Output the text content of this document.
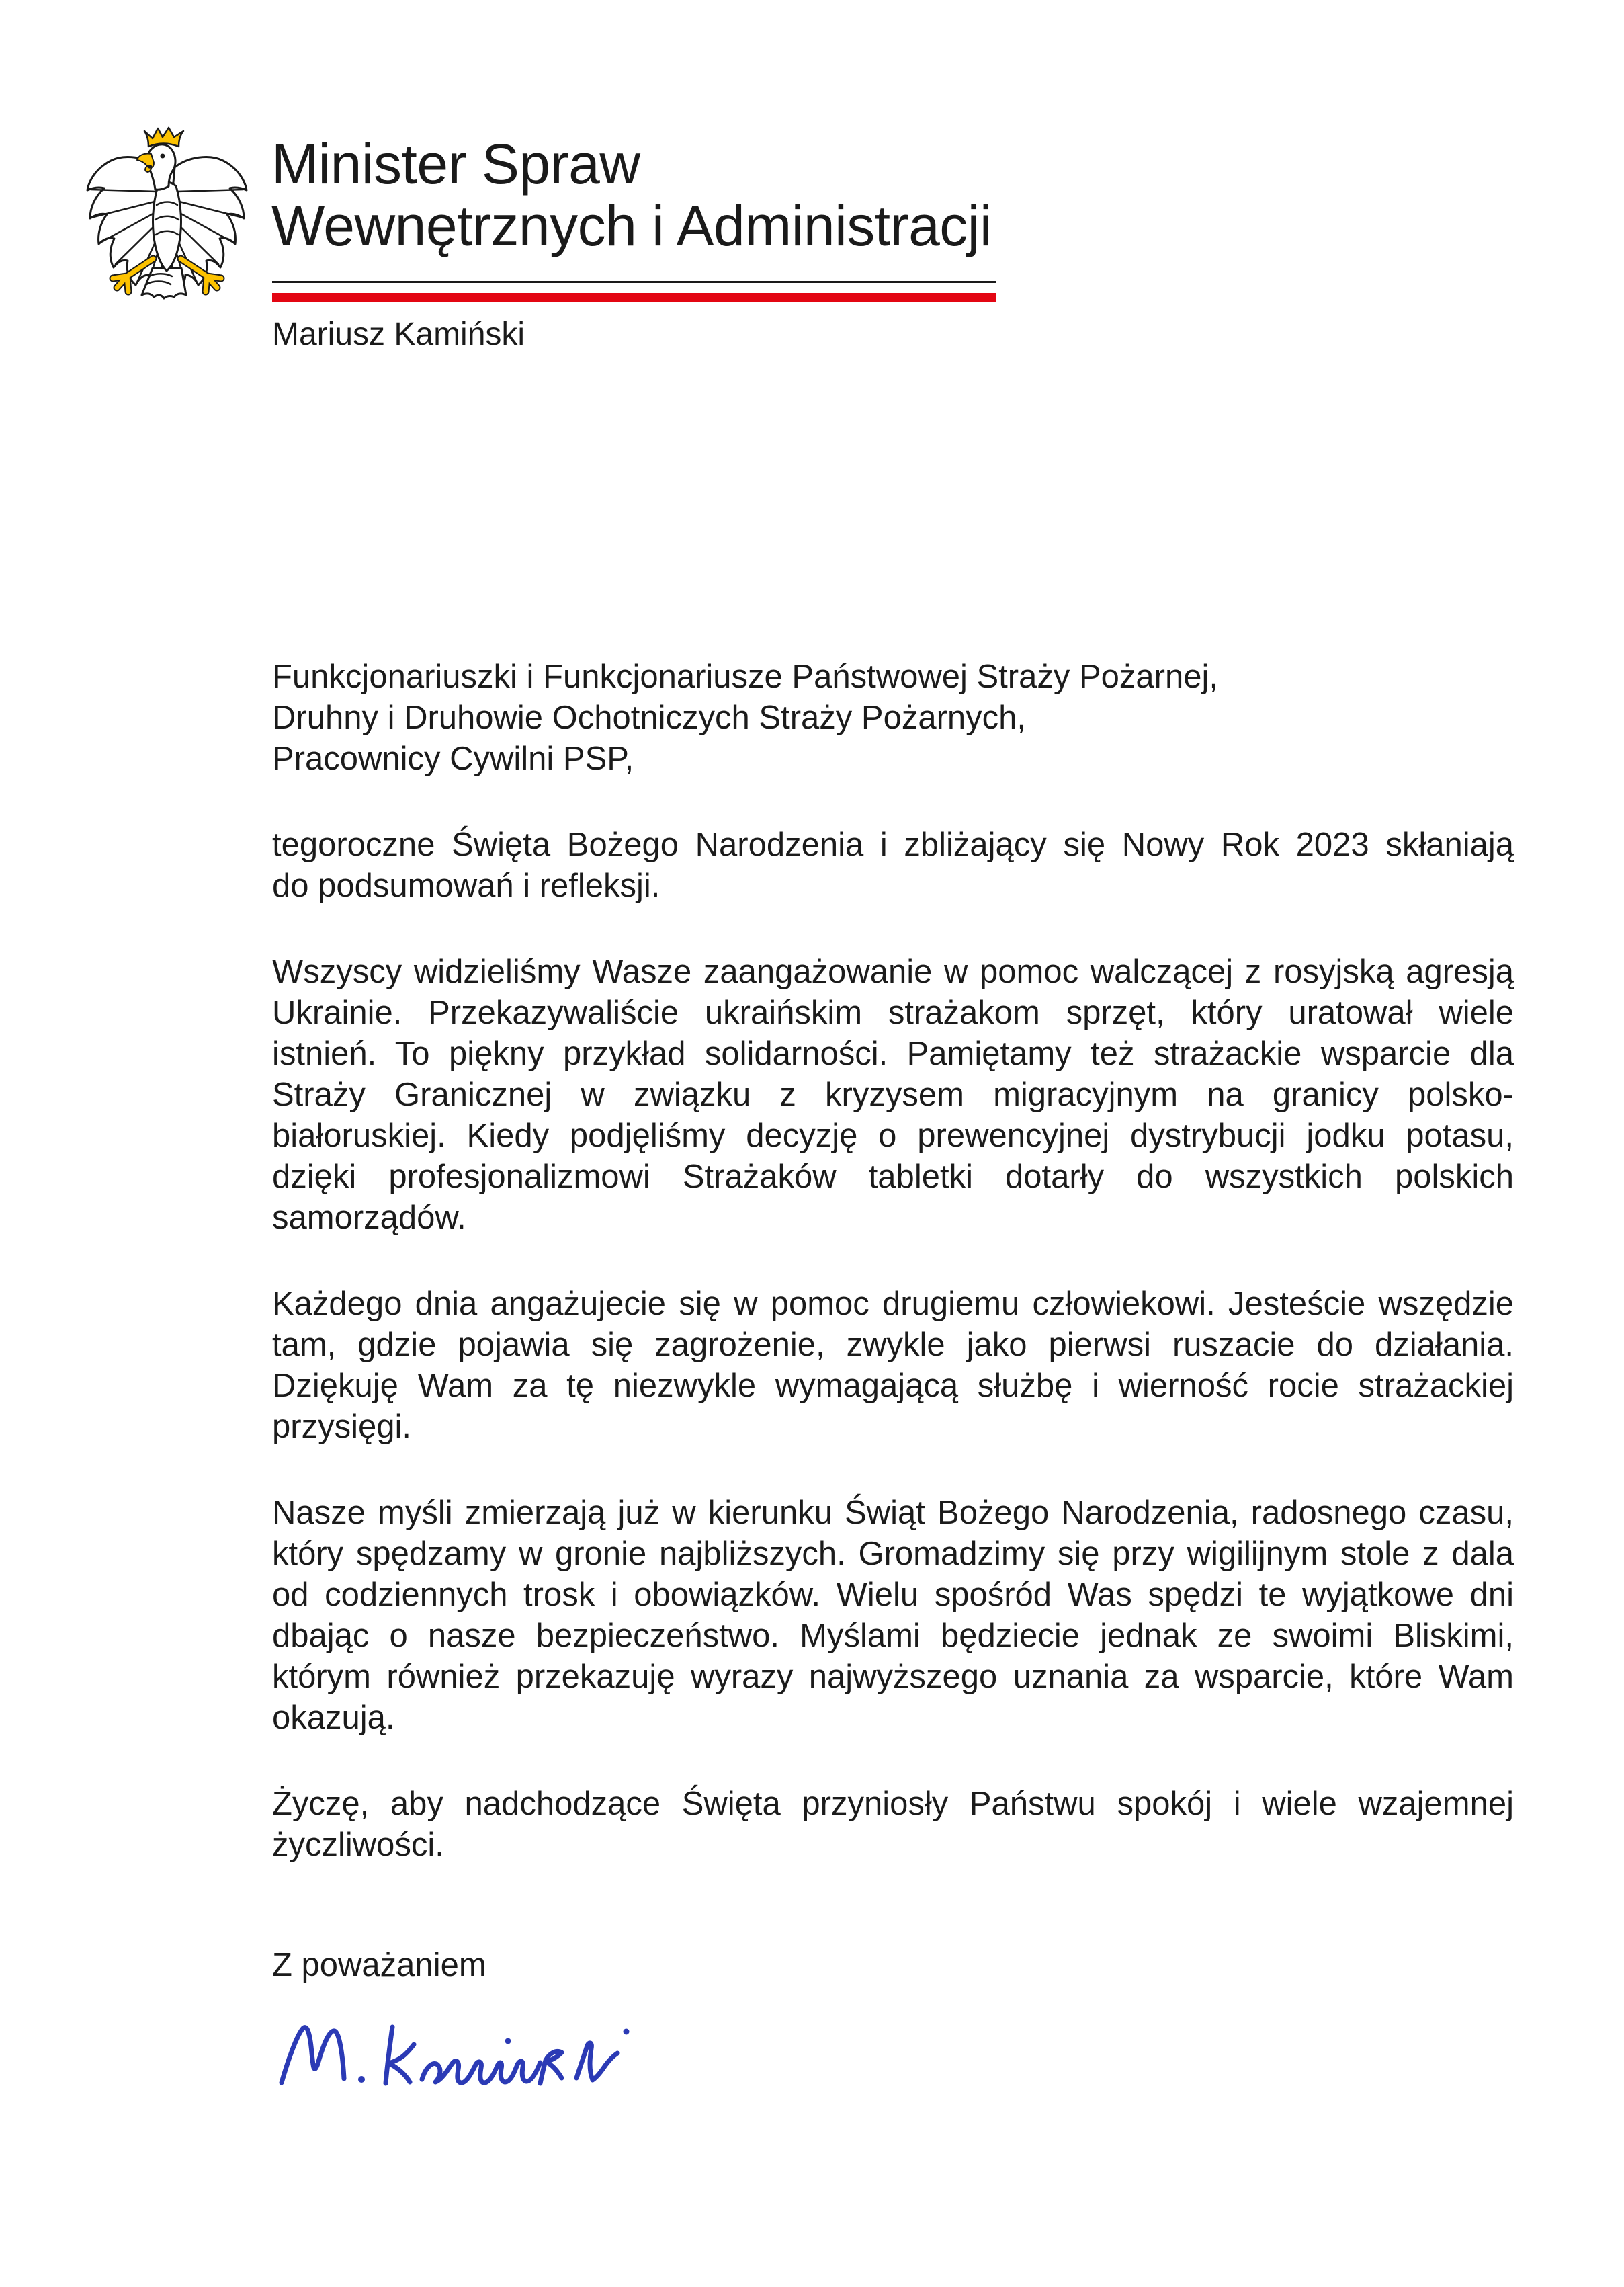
Minister Spraw
Wewnętrznych i Administracji
Mariusz Kamiński
Funkcjonariuszki i Funkcjonariusze Państwowej Straży Pożarnej,
Druhny i Druhowie Ochotniczych Straży Pożarnych,
Pracownicy Cywilni PSP,
tegoroczne Święta Bożego Narodzenia i zbliżający się Nowy Rok 2023 skłaniają
do podsumowań i refleksji.
Wszyscy widzieliśmy Wasze zaangażowanie w pomoc walczącej z rosyjską agresją
Ukrainie. Przekazywaliście ukraińskim strażakom sprzęt, który uratował wiele
istnień. To piękny przykład solidarności. Pamiętamy też strażackie wsparcie dla
Straży Granicznej w związku z kryzysem migracyjnym na granicy polsko-
białoruskiej. Kiedy podjęliśmy decyzję o prewencyjnej dystrybucji jodku potasu,
dzięki profesjonalizmowi Strażaków tabletki dotarły do wszystkich polskich
samorządów.
Każdego dnia angażujecie się w pomoc drugiemu człowiekowi. Jesteście wszędzie
tam, gdzie pojawia się zagrożenie, zwykle jako pierwsi ruszacie do działania.
Dziękuję Wam za tę niezwykle wymagającą służbę i wierność rocie strażackiej
przysięgi.
Nasze myśli zmierzają już w kierunku Świąt Bożego Narodzenia, radosnego czasu,
który spędzamy w gronie najbliższych. Gromadzimy się przy wigilijnym stole z dala
od codziennych trosk i obowiązków. Wielu spośród Was spędzi te wyjątkowe dni
dbając o nasze bezpieczeństwo. Myślami będziecie jednak ze swoimi Bliskimi,
którym również przekazuję wyrazy najwyższego uznania za wsparcie, które Wam
okazują.
Życzę, aby nadchodzące Święta przyniosły Państwu spokój i wiele wzajemnej
życzliwości.
Z poważaniem
